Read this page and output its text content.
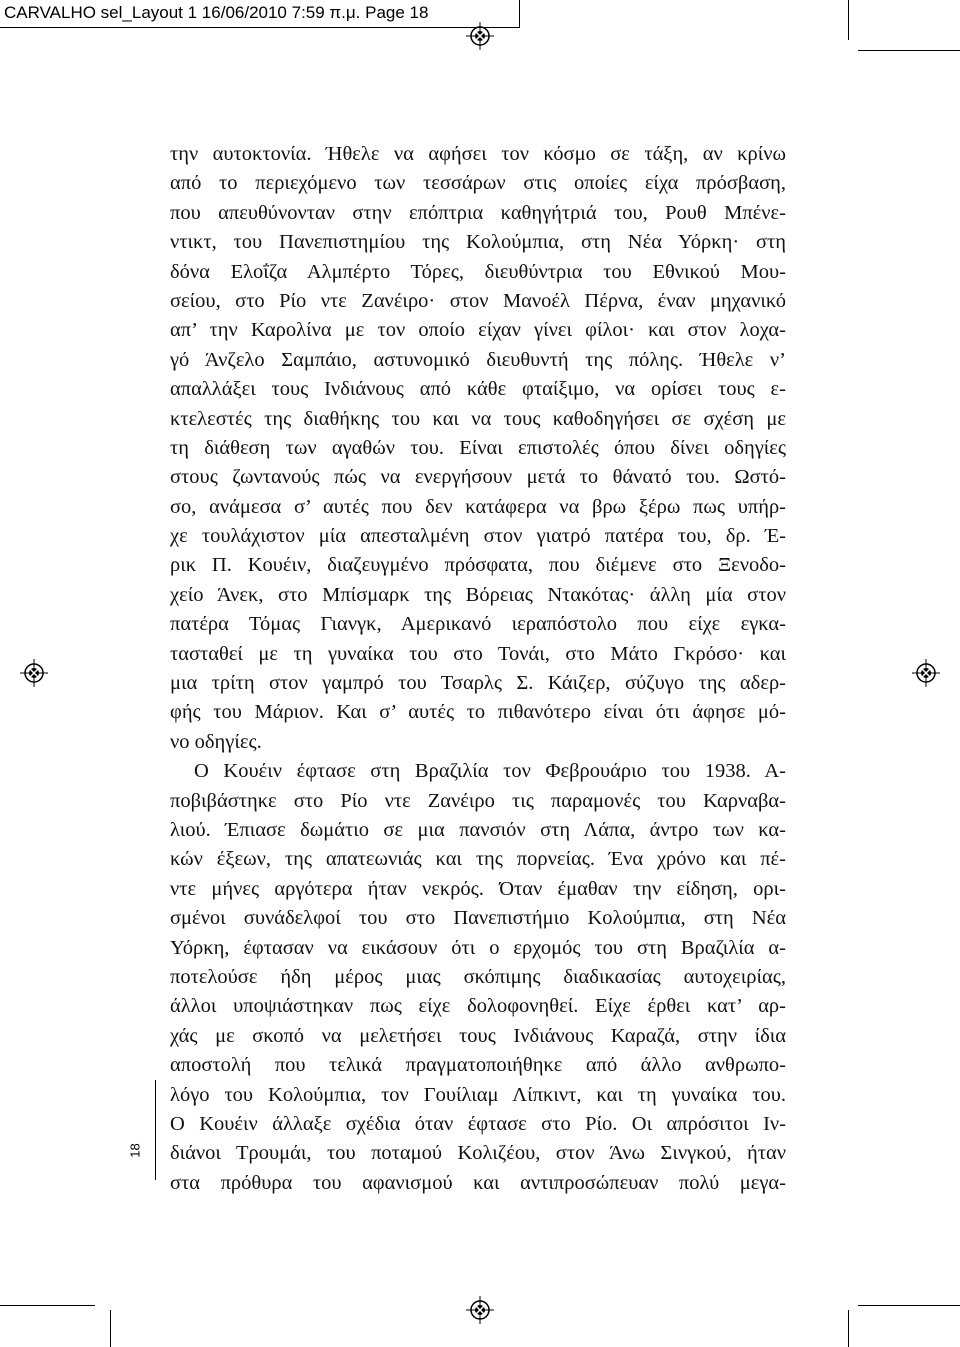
CARVALHO sel_Layout 1 16/06/2010 7:59 π.μ. Page 18
την αυτοκτονία. Ήθελε να αφήσει τον κόσμο σε τάξη, αν κρίνω
από το περιεχόμενο των τεσσάρων στις οποίες είχα πρόσβαση,
που απευθύνονταν στην επόπτρια καθηγήτριά του, Ρουθ Μπένε-
ντικτ, του Πανεπιστημίου της Κολούμπια, στη Νέα Υόρκη· στη
δόνα Ελοΐζα Αλμπέρτο Τόρες, διευθύντρια του Εθνικού Μου-
σείου, στο Ρίο ντε Ζανέιρο· στον Μανοέλ Πέρνα, έναν μηχανικό
απ’ την Καρολίνα με τον οποίο είχαν γίνει φίλοι· και στον λοχα-
γό Άνζελο Σαμπάιο, αστυνομικό διευθυντή της πόλης. Ήθελε ν’
απαλλάξει τους Ινδιάνους από κάθε φταίξιμο, να ορίσει τους ε-
κτελεστές της διαθήκης του και να τους καθοδηγήσει σε σχέση με
τη διάθεση των αγαθών του. Είναι επιστολές όπου δίνει οδηγίες
στους ζωντανούς πώς να ενεργήσουν μετά το θάνατό του. Ωστό-
σο, ανάμεσα σ’ αυτές που δεν κατάφερα να βρω ξέρω πως υπήρ-
χε τουλάχιστον μία απεσταλμένη στον γιατρό πατέρα του, δρ. Έ-
ρικ Π. Κουέιν, διαζευγμένο πρόσφατα, που διέμενε στο Ξενοδο-
χείο Άνεκ, στο Μπίσμαρκ της Βόρειας Ντακότας· άλλη μία στον
πατέρα Τόμας Γιανγκ, Αμερικανό ιεραπόστολο που είχε εγκα-
τασταθεί με τη γυναίκα του στο Τονάι, στο Μάτο Γκρόσο· και
μια τρίτη στον γαμπρό του Τσαρλς Σ. Κάιζερ, σύζυγο της αδερ-
φής του Μάριον. Και σ’ αυτές το πιθανότερο είναι ότι άφησε μό-
νο οδηγίες.
Ο Κουέιν έφτασε στη Βραζιλία τον Φεβρουάριο του 1938. Α-
ποβιβάστηκε στο Ρίο ντε Ζανέιρο τις παραμονές του Καρναβα-
λιού. Έπιασε δωμάτιο σε μια πανσιόν στη Λάπα, άντρο των κα-
κών έξεων, της απατεωνιάς και της πορνείας. Ένα χρόνο και πέ-
ντε μήνες αργότερα ήταν νεκρός. Όταν έμαθαν την είδηση, ορι-
σμένοι συνάδελφοί του στο Πανεπιστήμιο Κολούμπια, στη Νέα
Υόρκη, έφτασαν να εικάσουν ότι ο ερχομός του στη Βραζιλία α-
ποτελούσε ήδη μέρος μιας σκόπιμης διαδικασίας αυτοχειρίας,
άλλοι υποψιάστηκαν πως είχε δολοφονηθεί. Είχε έρθει κατ’ αρ-
χάς με σκοπό να μελετήσει τους Ινδιάνους Καραζά, στην ίδια
αποστολή που τελικά πραγματοποιήθηκε από άλλο ανθρωπο-
λόγο του Κολούμπια, τον Γουίλιαμ Λίπκιντ, και τη γυναίκα του.
Ο Κουέιν άλλαξε σχέδια όταν έφτασε στο Ρίο. Οι απρόσιτοι Ιν-
διάνοι Τρουμάι, του ποταμού Κολιζέου, στον Άνω Σινγκού, ήταν
στα πρόθυρα του αφανισμού και αντιπροσώπευαν πολύ μεγα-
18
